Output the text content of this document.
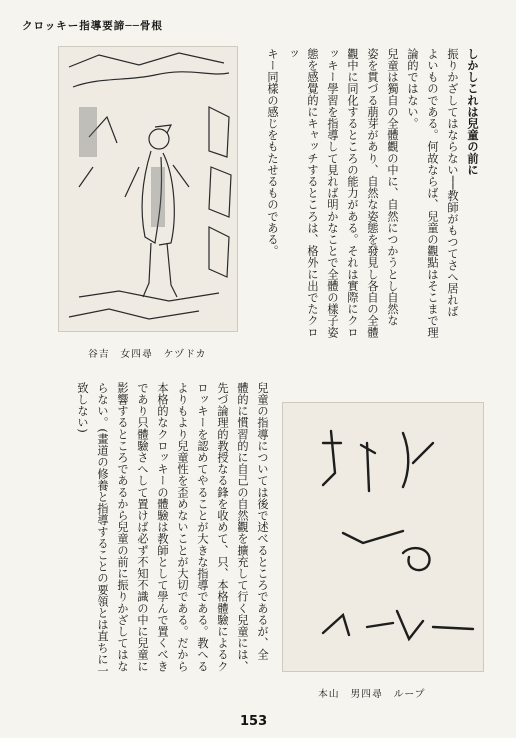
クロッキー指導要諦──骨根
谷吉　女四尋　ケヅドカ
しかしこれは兒童の前に
振りかざしてはならない──教師がもつてさへ居れば
よいものである。何故ならば、兒童の觀點はそこまで理
論的ではない。
兒童は獨自の全體觀の中に、自然につかうとし自然な
姿を貫づる萠芽があり、自然な姿態を發見し各自の全體
觀中に同化するところの能力がある。それは實際にクロ
ッキー學習を指導して見れば明かなことで全體の樣子姿
態を感覺的にキャッチするところは、格外に出でたクロッ
キー同樣の感じをもたせるものである。
本山　男四尋　ループ
兒童の指導については後で述べるところであるが、全
體的に慣習的に自己の自然觀を擴充して行く兒童には、
先づ論理的教授なる鋒を收めて、只、本格體驗によるク
ロッキーを認めてやることが大きな指導である。教へる
よりもより兒童性を歪めないことが大切である。だから
本格的なクロッキーの體驗は教師として學んで置くべき
であり只體驗さへして置けば必ず不知不識の中に兒童に
影響するところであるから兒童の前に振りかざしてはな
らない。(畫道の修養と指導することの要領とは直ちに一
致しない)
153
